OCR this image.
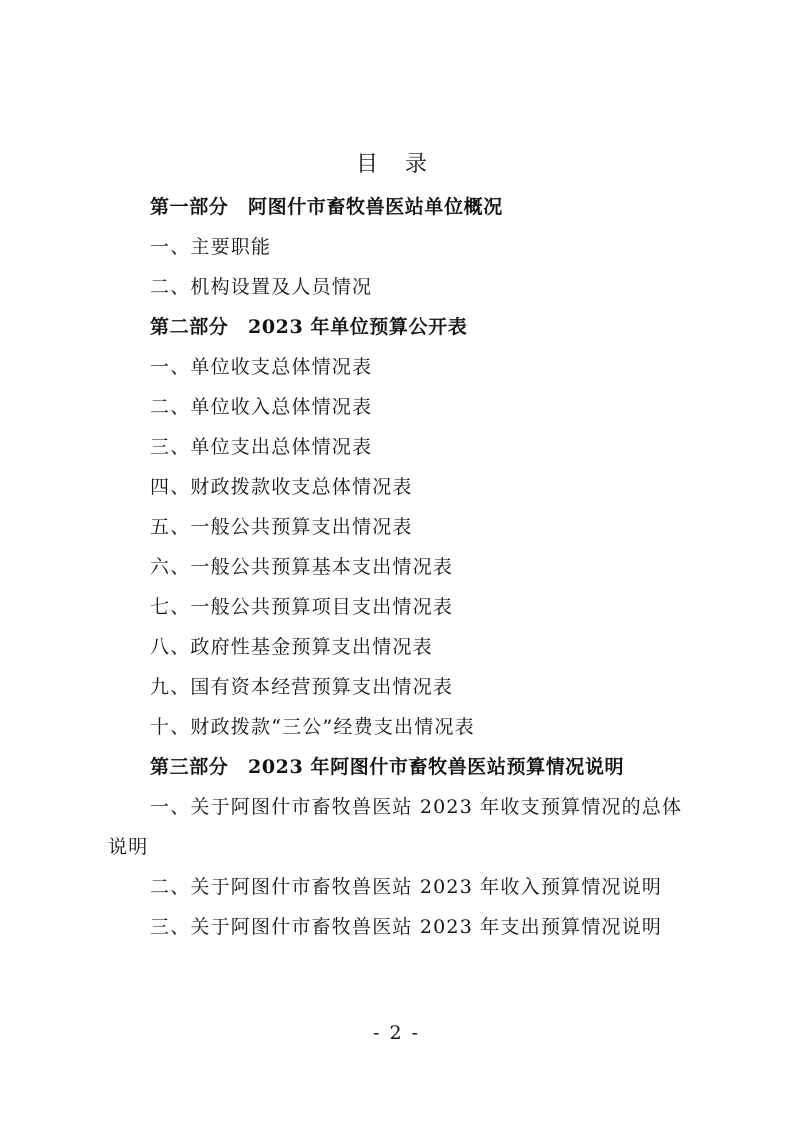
目 录
第一部分　阿图什市畜牧兽医站单位概况
一、主要职能
二、机构设置及人员情况
第二部分　2023 年单位预算公开表
一、单位收支总体情况表
二、单位收入总体情况表
三、单位支出总体情况表
四、财政拨款收支总体情况表
五、一般公共预算支出情况表
六、一般公共预算基本支出情况表
七、一般公共预算项目支出情况表
八、政府性基金预算支出情况表
九、国有资本经营预算支出情况表
十、财政拨款“三公”经费支出情况表
第三部分　2023 年阿图什市畜牧兽医站预算情况说明
一、关于阿图什市畜牧兽医站 2023 年收支预算情况的总体
说明
二、关于阿图什市畜牧兽医站 2023 年收入预算情况说明
三、关于阿图什市畜牧兽医站 2023 年支出预算情况说明
- 2 -
